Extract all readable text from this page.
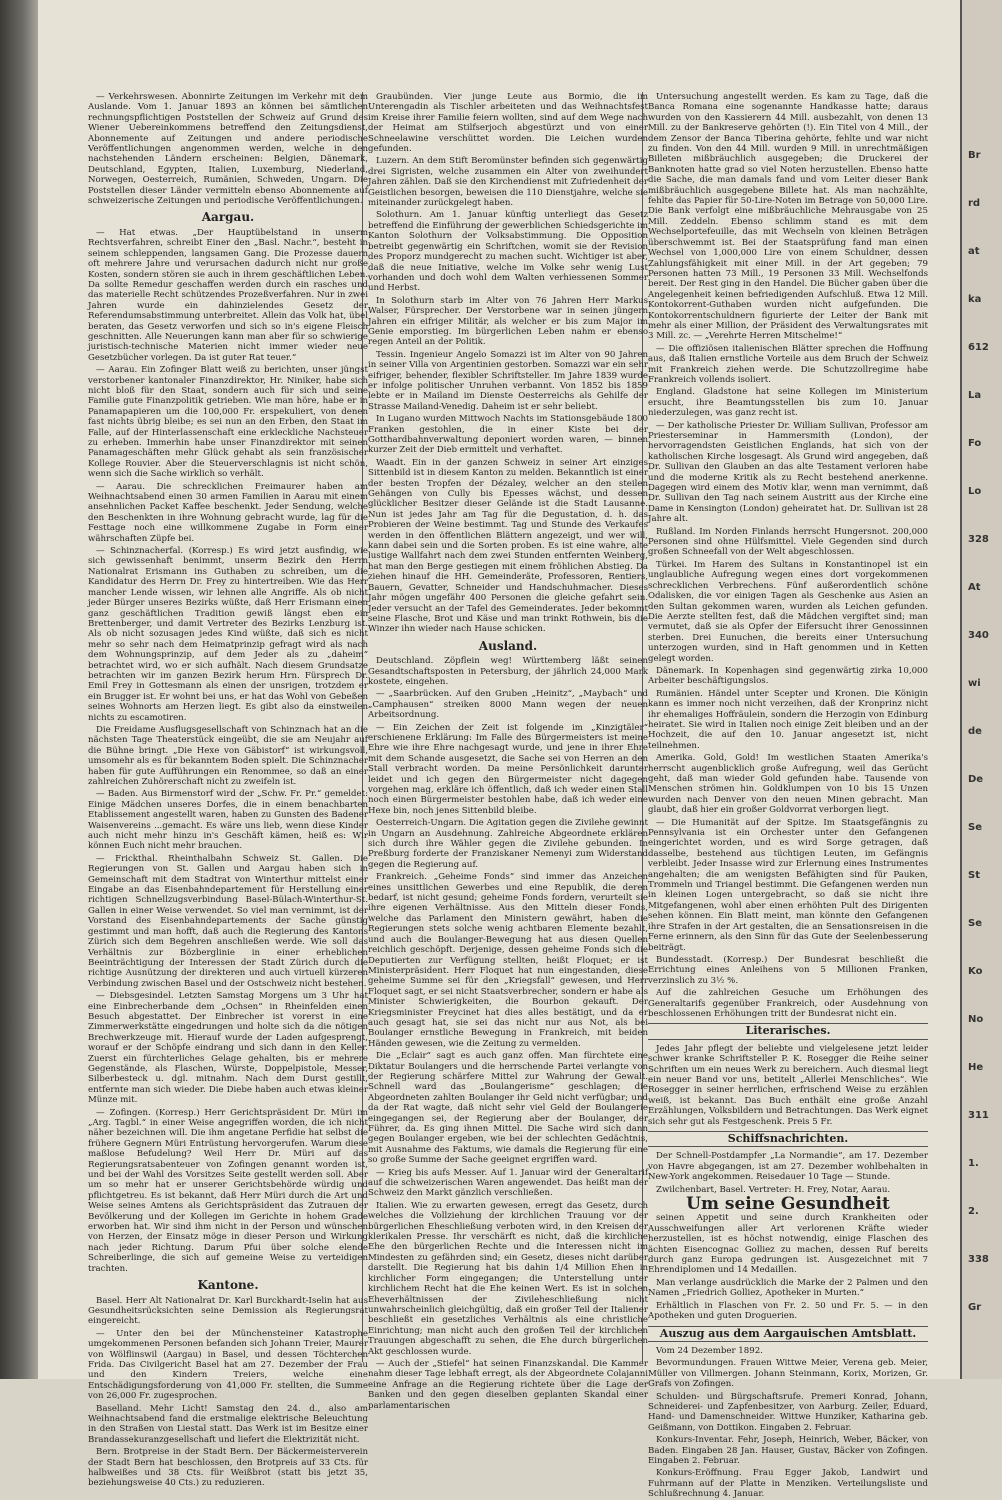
— Verkehrswesen. Abonnirte Zeitungen im Verkehr mit dem Auslande. Vom 1. Januar 1893 an können bei sämtlichen rechnungspflichtigen Poststellen der Schweiz auf Grund des Wiener Uebereinkommens betreffend den Zeitungsdienst, Abonnemente auf Zeitungen und andere periodische Veröffentlichungen angenommen werden, welche in den nachstehenden Ländern erscheinen: Belgien, Dänemark, Deutschland, Egypten, Italien, Luxemburg, Niederland, Norwegen, Oesterreich, Rumänien, Schweden, Ungarn. Die Poststellen dieser Länder vermitteln ebenso Abonnemente auf schweizerische Zeitungen und periodische Veröffentlichungen.
Aargau.
— Hat etwas. „Der Hauptübelstand in unserm Rechtsverfahren, schreibt Einer den „Basl. Nachr.“, besteht in seinem schleppenden, langsamen Gang. Die Prozesse dauern oft mehrere Jahre und verursachen dadurch nicht nur große Kosten, sondern stören sie auch in ihrem geschäftlichen Leben. Da sollte Remedur geschaffen werden durch ein rasches und das materielle Recht schützendes Prozeßverfahren. Nur in zwei Jahren wurde ein dahinzielendes Gesetz der Referendumsabstimmung unterbreitet. Allein das Volk hat, übel beraten, das Gesetz verworfen und sich so in's eigene Fleisch geschnitten. Alle Neuerungen kann man aber für so schwierige juristisch-technische Materien nicht immer wieder neue Gesetzbücher vorlegen. Da ist guter Rat teuer.“
— Aarau. Ein Zofinger Blatt weiß zu berichten, unser jüngst verstorbener kantonaler Finanzdirektor, Hr. Niniker, habe sich nicht bloß für den Staat, sondern auch für sich und seine Familie gute Finanzpolitik getrieben. Wie man höre, habe er in Panamapapieren um die 100,000 Fr. erspekuliert, von denen fast nichts übrig bleibe; es sei nun an den Erben, den Staat im Falle, auf der Hinterlassenschaft eine erkleckliche Nachsteuer zu erheben. Immerhin habe unser Finanzdirektor mit seinen Panamageschäften mehr Glück gehabt als sein französischer Kollege Rouvier. Aber die Steuerverschlagnis ist nicht schön, wenn sich die Sache wirklich so verhält.
— Aarau. Die schrecklichen Freimaurer haben am Weihnachtsabend einen 30 armen Familien in Aarau mit einem ansehnlichen Packet Kaffee beschenkt. Jeder Sendung, welche den Beschenkten in ihre Wohnung gebracht wurde, lag für die Festtage noch eine willkommene Zugabe in Form einer währschaften Züpfe bei.
— Schinznacherfal. (Korresp.) Es wird jetzt ausfindig, wie sich gewissenhaft benimmt, unserm Bezirk den Herrn Nationalrat Erismann ins Guthaben zu schreiben, um die Kandidatur des Herrn Dr. Frey zu hintertreiben. Wie das Herr mancher Lende wissen, wir lehnen alle Angriffe. Als ob nicht jeder Bürger unseres Bezirks wüßte, daß Herr Erismann einen ganz geschäftlichen Tradition gewiß längst eben ein Brettenberger, und damit Vertreter des Bezirks Lenzburg ist. Als ob nicht sozusagen jedes Kind wüßte, daß sich es nicht mehr so sehr nach dem Heimatprinzip gefragt wird als nach dem Wohnungsprinzip, auf dem Jeder als zu „daheim“ betrachtet wird, wo er sich aufhält. Nach diesem Grundsatze betrachten wir im ganzen Bezirk herum Hrn. Fürsprech Dr. Emil Frey in Gottesmann als einen der unsrigen, trotzdem er ein Brugger ist. Er wohnt bei uns, er hat das Wohl von Gebeßen seines Wohnorts am Herzen liegt. Es gibt also da einstweilen nichts zu escamotiren.
Die Freidame Ausflugsgesellschaft von Schinznach hat an die nächsten Tage Theaterstück eingeübt, die sie am Neujahr auf die Bühne bringt. „Die Hexe von Gäbistorf“ ist wirkungsvoll, umsomehr als es für bekanntem Boden spielt. Die Schinznacher haben für gute Aufführungen ein Renommee, so daß an einer zahlreichen Zuhörerschaft nicht zu zweifeln ist.
— Baden. Aus Birmenstorf wird der „Schw. Fr. Pr.“ gemeldet: Einige Mädchen unseres Dorfes, die in einem benachbarten Etablissement angestellt waren, haben zu Gunsten des Badener Waisenvereins ...gemacht. Es wäre uns lieb, wenn diese Kinder auch nicht mehr hinzu in's Geschäft kämen, heiß es: Wir können Euch nicht mehr brauchen.
— Frickthal. Rheinthalbahn Schweiz St. Gallen. Die Regierungen von St. Gallen und Aargau haben sich in Gemeinschaft mit dem Stadtrat von Winterthur mittelst einer Eingabe an das Eisenbahndepartement für Herstellung einer richtigen Schnellzugsverbindung Basel-Bülach-Winterthur-St. Gallen in einer Weise verwendet. So viel man vernimmt, ist der Vorstand des Eisenbahndepartements der Sache günstig gestimmt und man hofft, daß auch die Regierung des Kantons Zürich sich dem Begehren anschließen werde. Wie soll das Verhältnis zur Bözberglinie in einer erheblichen Beeinträchtigung der Interessen der Stadt Zürich durch die richtige Ausnützung der direkteren und auch virtuell kürzeren Verbindung zwischen Basel und der Ostschweiz nicht bestehen.
— Diebsgesindel. Letzten Samstag Morgens um 3 Uhr hat eine Einbrecherbande dem „Ochsen“ in Rheinfelden einen Besuch abgestattet. Der Einbrecher ist vorerst in eine Zimmerwerkstätte eingedrungen und holte sich da die nötigen Brechwerkzeuge mit. Hierauf wurde der Laden aufgesprengt, worauf er der Schöpfe eindrang und sich dann in den Keller. Zuerst ein fürchterliches Gelage gehalten, bis er mehrere Gegenstände, als Flaschen, Würste, Doppelpistole, Messer, Silberbesteck u. dgl. mitnahm. Nach dem Durst gestillt, entfernte man sich wieder. Die Diebe haben auch etwas kleiner Münze mit.
— Zofingen. (Korresp.) Herr Gerichtspräsident Dr. Müri im „Arg. Tagbl.“ in einer Weise angegriffen worden, die ich nicht näher bezeichnen will. Die ihm angetane Perfidie hat selbst die frühere Gegnern Müri Entrüstung hervorgerufen. Warum diese maßlose Befudelung? Weil Herr Dr. Müri auf das Regierungsratsabenteuer von Zofingen genannt worden ist, und bei der Wahl des Vorsitzes Seite gestellt werden soll. Aber um so mehr hat er unserer Gerichtsbehörde würdig und pflichtgetreu. Es ist bekannt, daß Herr Müri durch die Art und Weise seines Amtens als Gerichtspräsident das Zutrauen der Bevölkerung und der Kollegen im Gerichte in hohem Grade erworben hat. Wir sind ihm nicht in der Person und wünschen von Herzen, der Einsatz möge in dieser Person und Wirkung nach jeder Richtung. Darum Pfui über solche elende Schreiberlinge, die sich auf gemeine Weise zu verteidigen trachten.
Kantone.
Basel. Herr Alt Nationalrat Dr. Karl Burckhardt-Iselin hat aus Gesundheitsrücksichten seine Demission als Regierungsrat eingereicht.
— Unter den bei der Münchensteiner Katastrophe umgekommenen Personen befanden sich Johann Treier, Maurer von Wölflinswil (Aargau) in Basel, und dessen Töchterchen Frida. Das Civilgericht Basel hat am 27. Dezember der Frau und den Kindern Treiers, welche eine Entschädigungsforderung von 41,000 Fr. stellten, die Summe von 26,000 Fr. zugesprochen.
Baselland. Mehr Licht! Samstag den 24. d., also am Weihnachtsabend fand die erstmalige elektrische Beleuchtung in den Straßen von Liestal statt. Das Werk ist im Besitze einer Brandassekuranzgesellschaft und liefert die Elektrizität nicht.
Bern. Brotpreise in der Stadt Bern. Der Bäckermeisterverein der Stadt Bern hat beschlossen, den Brotpreis auf 33 Cts. für halbweißes und 38 Cts. für Weißbrot (statt bis jetzt 35, beziehungsweise 40 Cts.) zu reduzieren.
Graubünden. Vier junge Leute aus Bormio, die im Unterengadin als Tischler arbeiteten und das Weihnachtsfest im Kreise ihrer Familie feiern wollten, sind auf dem Wege nach der Heimat am Stilfserjoch abgestürzt und von einer Schneelawine verschüttet worden. Die Leichen wurden gefunden.
Luzern. An dem Stift Beromünster befinden sich gegenwärtig drei Sigristen, welche zusammen ein Alter von zweihundert Jahren zählen. Daß sie den Kirchendienst mit Zufriedenheit der Geistlichen besorgen, beweisen die 110 Dienstjahre, welche sie miteinander zurückgelegt haben.
Solothurn. Am 1. Januar künftig unterliegt das Gesetz betreffend die Einführung der gewerblichen Schiedsgerichte im Kanton Solothurn der Volksabstimmung. Die Opposition betreibt gegenwärtig ein Schriftchen, womit sie der Revision des Proporz mundgerecht zu machen sucht. Wichtiger ist aber, daß die neue Initiative, welche im Volke sehr wenig Lust vorhanden und doch wohl dem Walten verhiessenen Sommer und Herbst.
In Solothurn starb im Alter von 76 Jahren Herr Markus Walser, Fürsprecher. Der Verstorbene war in seinen jüngern Jahren ein eifriger Militär, als welcher er bis zum Major im Genie emporstieg. Im bürgerlichen Leben nahm er ebenso regen Anteil an der Politik.
Tessin. Ingenieur Angelo Somazzi ist im Alter von 90 Jahren in seiner Villa von Argentinien gestorben. Somazzi war ein sehr eifriger, behender, flexibler Schriftsteller. Im Jahre 1839 wurde er infolge politischer Unruhen verbannt. Von 1852 bis 1859 lebte er in Mailand im Dienste Oesterreichs als Gehilfe der Strasse Mailand-Venedig. Daheim ist er sehr beliebt.
In Lugano wurden Mittwoch Nachts im Stationsgebäude 1800 Franken gestohlen, die in einer Kiste bei der Gotthardbahnverwaltung deponiert worden waren, — binnen kurzer Zeit der Dieb ermittelt und verhaftet.
Waadt. Ein in der ganzen Schweiz in seiner Art einziges Sittenbild ist in diesem Kanton zu melden. Bekanntlich ist einer der besten Tropfen der Dézaley, welcher an den steilen Gehängen von Cully bis Epesses wächst, und dessen glücklicher Besitzer dieser Gelände ist die Stadt Lausanne. Nun ist jedes Jahr am Tag für die Degustation, d. h. das Probieren der Weine bestimmt. Tag und Stunde des Verkaufes werden in den öffentlichen Blättern angezeigt, und wer will, kann dabei sein und die Sorten proben. Es ist eine wahre, alte lustige Wallfahrt nach dem zwei Stunden entfernten Weinberg, hat man den Berge gestiegen mit einem fröhlichen Abstieg. Da ziehen hinauf die HH. Gemeinderäte, Professoren, Rentiers, Bauern, Gevatter, Schneider und Handschuhmacher. Dieses Jahr mögen ungefähr 400 Personen die gleiche gefahrt sein. Jeder versucht an der Tafel des Gemeinderates. Jeder bekommt seine Flasche, Brot und Käse und man trinkt Rothwein, bis die Winzer ihn wieder nach Hause schicken.
Ausland.
Deutschland. Zöpflein weg! Württemberg läßt seinen Gesandtschaftsposten in Petersburg, der jährlich 24,000 Mark kostete, eingehen.
— „Saarbrücken. Auf den Gruben „Heinitz“, „Maybach“ und „Camphausen“ streiken 8000 Mann wegen der neuen Arbeitsordnung.
— Ein Zeichen der Zeit ist folgende im „Kinzigtäler“ erschienene Erklärung: Im Falle des Bürgermeisters ist meine Ehre wie ihre Ehre nachgesagt wurde, und jene in ihrer Ehre mit dem Schande ausgesetzt, die Sache sei von Herren an den Stall verbracht worden. Da meine Persönlichkeit darunter leidet und ich gegen den Bürgermeister nicht dagegen vorgehen mag, erkläre ich öffentlich, daß ich weder einen Stall noch einen Bürgermeister bestohlen habe, daß ich weder eine Hexe bin, noch jenes Sittenbild bleibe.
Oesterreich-Ungarn. Die Agitation gegen die Zivilehe gewinnt in Ungarn an Ausdehnung. Zahlreiche Abgeordnete erklären sich durch ihre Wähler gegen die Zivilehe gebunden. In Preßburg forderte der Franziskaner Nemenyi zum Widerstand gegen die Regierung auf.
Frankreich. „Geheime Fonds“ sind immer das Anzeichen eines unsittlichen Gewerbes und eine Republik, die deren bedarf, ist nicht gesund; geheime Fonds fordern, verurteilt sie ihre eigenen Verhältnisse. Aus den Mitteln dieser Fonds, welche das Parlament den Ministern gewährt, haben die Regierungen stets solche wenig achtbaren Elemente bezahlt, und auch die Boulanger-Bewegung hat aus diesen Quellen reichlich geschöpft. Derjenige, dessen geheime Fonds sich die Deputierten zur Verfügung stellten, heißt Floquet; er ist Ministerpräsident. Herr Floquet hat nun eingestanden, diese geheime Summe sei für den „Kriegsfall“ gewesen, und Herr Floquet sagt, er sei nicht Staatsverbrecher, sondern er habe als Minister Schwierigkeiten, die Bourbon gekauft. Der Kriegsminister Freycinet hat dies alles bestätigt, und da er auch gesagt hat, sie sei das nicht nur aus Not, als bei Boulanger ernstliche Bewegung in Frankreich, mit beiden Händen gewesen, wie die Zeitung zu vermelden.
Die „Eclair“ sagt es auch ganz offen. Man fürchtete eine Diktatur Boulangers und die herrschende Partei verlangte von der Regierung schärfere Mittel zur Wahrung der Gewalt. Schnell ward das „Boulangerisme“ geschlagen; die Abgeordneten zahlten Boulanger ihr Geld nicht verfügbar; und da der Rat wagte, daß nicht sehr viel Geld der Boulangerie eingegangen sei, der Regierung aber der Boulanger, der Führer, da. Es ging ihnen Mittel. Die Sache wird sich dann gegen Boulanger ergeben, wie bei der schlechten Gedächtnis, mit Ausnahme des Faktums, wie damals die Regierung für eine so große Summe der Sache geeignet ergriffen ward.
— Krieg bis aufs Messer. Auf 1. Januar wird der Generaltarif auf die schweizerischen Waren angewendet. Das heißt man der Schweiz den Markt gänzlich verschließen.
Italien. Wie zu erwarten gewesen, erregt das Gesetz, durch welches die Vollziehung der kirchlichen Trauung vor der bürgerlichen Eheschließung verboten wird, in den Kreisen der klerikalen Presse. Ihr verschärft es nicht, daß die kirchliche Ehe den bürgerlichen Rechte und die Interessen nicht im Mindesten zu gefährden sind; ein Gesetz, dieses nicht darüber darstellt. Die Regierung hat bis dahin 1/4 Million Ehen in kirchlicher Form eingegangen; die Unterstellung unter kirchlichem Recht hat die Ehe keinen Wert. Es ist in solchen Eheverhältnissen der Zivileheschließung nicht unwahrscheinlich gleichgültig, daß ein großer Teil der Italiener beschließt ein gesetzliches Verhältnis als eine christliche Einrichtung; man nicht auch den großen Teil der kirchlichen Trauungen abgeschafft zu sehen, die Ehe durch bürgerlichen Akt geschlossen wurde.
— Auch der „Stiefel“ hat seinen Finanzskandal. Die Kammer nahm dieser Tage lebhaft erregt, als der Abgeordnete Colajanni eine Anfrage an die Regierung richtete über die Lage der Banken und den gegen dieselben geplanten Skandal einer parlamentarischen
Untersuchung angestellt werden. Es kam zu Tage, daß die Banca Romana eine sogenannte Handkasse hatte; daraus wurden von den Kassierern 44 Mill. ausbezahlt, von denen 13 Mill. zu der Bankreserve gehörten (!). Ein Titel von 4 Mill., der dem Zensor der Banca Tiberina gehörte, fehlte und war nicht zu finden. Von den 44 Mill. wurden 9 Mill. in unrechtmäßigen Billeten mißbräuchlich ausgegeben; die Druckerei der Banknoten hatte grad so viel Noten herzustellen. Ebenso hatte die Sache, die man damals fand und vom Leiter dieser Bank mißbräuchlich ausgegebene Billete hat. Als man nachzählte, fehlte das Papier für 50-Lire-Noten im Betrage von 50,000 Lire. Die Bank verfolgt eine mißbräuchliche Mehrausgabe von 25 Mill. Zeddeln. Ebenso schlimm stand es mit dem Wechselportefeuille, das mit Wechseln von kleinen Beträgen überschwemmt ist. Bei der Staatsprüfung fand man einen Wechsel von 1,000,000 Lire von einem Schuldner, dessen Zahlungsfähigkeit mit einer Mill. in der Art gegeben; 79 Personen hatten 73 Mill., 19 Personen 33 Mill. Wechselfonds bereit. Der Rest ging in den Handel. Die Bücher gaben über die Angelegenheit keinen befriedigenden Aufschluß. Etwa 12 Mill. Kontokorrent-Guthaben wurden nicht aufgefunden. Die Kontokorrentschuldnern figurierte der Leiter der Bank mit mehr als einer Million, der Präsident des Verwaltungsrates mit 3 Mill. zc. — „Verehrte Herren Mitschelme!“
— Die offiziösen italienischen Blätter sprechen die Hoffnung aus, daß Italien ernstliche Vorteile aus dem Bruch der Schweiz mit Frankreich ziehen werde. Die Schutzzollregime habe Frankreich vollends isoliert.
England. Gladstone hat seine Kollegen im Ministerium ersucht, ihre Beamtungsstellen bis zum 10. Januar niederzulegen, was ganz recht ist.
— Der katholische Priester Dr. William Sullivan, Professor am Priesterseminar in Hammersmith (London), der hervorragendsten Geistlichen Englands, hat sich von der katholischen Kirche losgesagt. Als Grund wird angegeben, daß Dr. Sullivan den Glauben an das alte Testament verloren habe und die moderne Kritik als zu Recht bestehend anerkenne. Dagegen wird einem des Motiv klar, wenn man vernimmt, daß Dr. Sullivan den Tag nach seinem Austritt aus der Kirche eine Dame in Kensington (London) geheiratet hat. Dr. Sullivan ist 28 Jahre alt.
Rußland. Im Norden Finlands herrscht Hungersnot. 200,000 Personen sind ohne Hülfsmittel. Viele Gegenden sind durch großen Schneefall von der Welt abgeschlossen.
Türkei. Im Harem des Sultans in Konstantinopel ist ein unglaubliche Aufregung wegen eines dort vorgekommenen schrecklichen Verbrechens. Fünf außerordentlich schöne Odalisken, die vor einigen Tagen als Geschenke aus Asien an den Sultan gekommen waren, wurden als Leichen gefunden. Die Aerzte stellten fest, daß die Mädchen vergiftet sind; man vermutet, daß sie als Opfer der Eifersucht ihrer Genossinnen sterben. Drei Eunuchen, die bereits einer Untersuchung unterzogen wurden, sind in Haft genommen und in Ketten gelegt worden.
Dänemark. In Kopenhagen sind gegenwärtig zirka 10,000 Arbeiter beschäftigungslos.
Rumänien. Händel unter Scepter und Kronen. Die Königin kann es immer noch nicht verzeihen, daß der Kronprinz nicht ihr ehemaliges Hoffräulein, sondern die Herzogin von Edinburg heiratet. Sie wird in Italien noch einige Zeit bleiben und an der Hochzeit, die auf den 10. Januar angesetzt ist, nicht teilnehmen.
Amerika. Gold, Gold! Im westlichen Staaten Amerika's herrscht augenblicklich große Aufregung, weil das Gerücht geht, daß man wieder Gold gefunden habe. Tausende von Menschen strömen hin. Goldklumpen von 10 bis 15 Unzen wurden nach Denver von den neuen Minen gebracht. Man glaubt, daß hier ein großer Goldvorrat verborgen liegt.
— Die Humanität auf der Spitze. Im Staatsgefängnis zu Pennsylvania ist ein Orchester unter den Gefangenen eingerichtet worden, und es wird Sorge getragen, daß dasselbe, bestehend aus tüchtigen Leuten, im Gefängnis verbleibt. Jeder Insasse wird zur Erlernung eines Instrumentes angehalten; die am wenigsten Befähigten sind für Pauken, Trommeln und Triangel bestimmt. Die Gefangenen werden nun in kleinen Logen untergebracht, so daß sie nicht ihre Mitgefangenen, wohl aber einen erhöhten Pult des Dirigenten sehen können. Ein Blatt meint, man könnte den Gefangenen ihre Strafen in der Art gestalten, die an Sensationsreisen in die Ferne erinnern, als den Sinn für das Gute der Seelenbesserung beiträgt.
Bundesstadt. (Korresp.) Der Bundesrat beschließt die Errichtung eines Anleihens von 5 Millionen Franken, verzinslich zu 3½ %.
Auf die zahlreichen Gesuche um Erhöhungen des Generaltarifs gegenüber Frankreich, oder Ausdehnung von beschlossenen Erhöhungen tritt der Bundesrat nicht ein.
Literarisches.
Jedes Jahr pflegt der beliebte und vielgelesene jetzt leider schwer kranke Schriftsteller P. K. Rosegger die Reihe seiner Schriften um ein neues Werk zu bereichern. Auch diesmal liegt ein neuer Band vor uns, betitelt „Allerlei Menschliches“. Wie Rosegger in seiner herrlichen, erfrischend Weise zu erzählen weiß, ist bekannt. Das Buch enthält eine große Anzahl Erzählungen, Volksbildern und Betrachtungen. Das Werk eignet sich sehr gut als Festgeschenk. Preis 5 Fr.
Schiffsnachrichten.
Der Schnell-Postdampfer „La Normandie“, am 17. Dezember von Havre abgegangen, ist am 27. Dezember wohlbehalten in New-York angekommen. Reisedauer 10 Tage — Stunde.
Zwilchenbart, Basel. Vertreter: H. Frey, Notar, Aarau.
Um seine Gesundheit
seinen Appetit und seine durch Krankheiten oder Ausschweifungen aller Art verlorenen Kräfte wieder herzustellen, ist es höchst notwendig, einige Flaschen des ächten Eisencognac Golliez zu machen, dessen Ruf bereits durch ganz Europa gedrungen ist. Ausgezeichnet mit 7 Ehrendiplomen und 14 Medaillen.
Man verlange ausdrücklich die Marke der 2 Palmen und den Namen „Friedrich Golliez, Apotheker in Murten.“
Erhältlich in Flaschen von Fr. 2. 50 und Fr. 5. — in den Apotheken und guten Droguerien.
Auszug aus dem Aargauischen Amtsblatt.
Vom 24 Dezember 1892.
Bevormundungen. Frauen Wittwe Meier, Verena geb. Meier, Müller von Villmergen. Johann Steinmann, Korix, Morizen, Gr. Grafs von Zofingen.
Schulden- und Bürgschaftsrufe. Premeri Konrad, Johann, Schneiderei- und Zapfenbesitzer, von Aarburg. Zeiler, Eduard, Hand- und Damenschneider. Wittwe Hunziker, Katharina geb. Geißmann, von Dottikon. Eingaben 2. Februar.
Konkurs-Inventar. Fehr, Joseph, Heinrich, Weber, Bäcker, von Baden. Eingaben 28 Jan. Hauser, Gustav, Bäcker von Zofingen. Eingaben 2. Februar.
Konkurs-Eröffnung. Frau Egger Jakob, Landwirt und Fuhrmann auf der Platte in Menziken. Verteilungsliste und Schlußrechnung 4. Januar.
Br
rd
at
ka
612
La
Fo
Lo
328
At
340
wi
de
De
Se
St
Se
Ko
No
He
311
1.
2.
338
Gr
